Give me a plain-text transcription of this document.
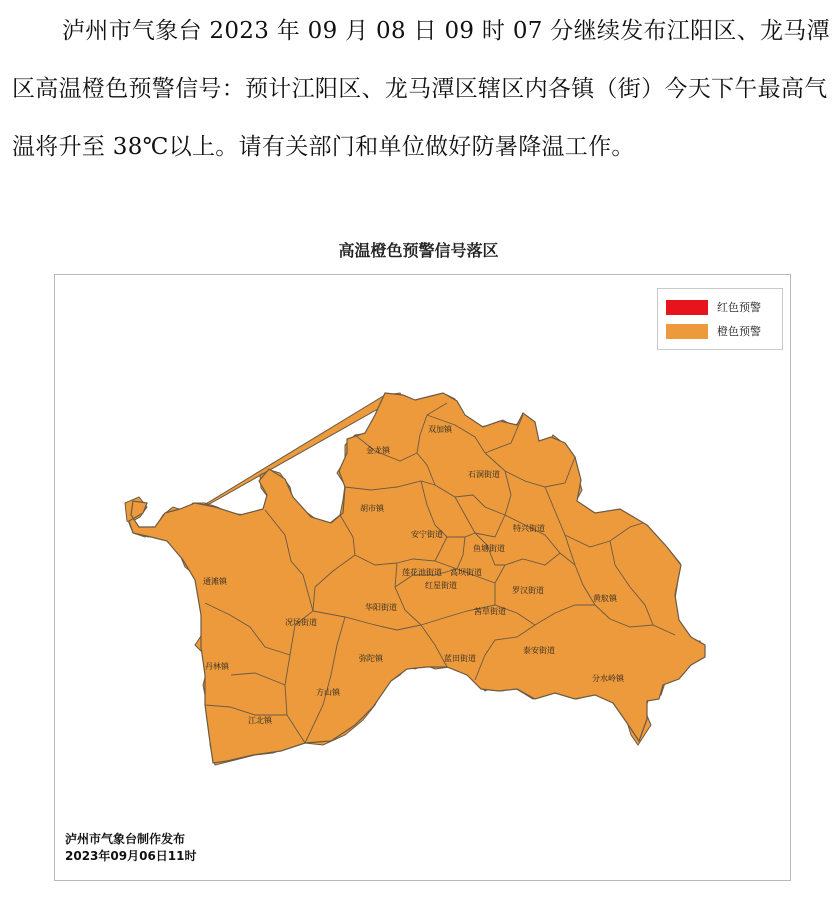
泸州市气象台 2023 年 09 月 08 日 09 时 07 分继续发布江阳区、龙马潭区高温橙色预警信号：预计江阳区、龙马潭区辖区内各镇（街）今天下午最高气温将升至 38℃以上。请有关部门和单位做好防暑降温工作。

高温橙色预警信号落区
双加镇
金龙镇
石洞街道
胡市镇
特兴街道
安宁街道
鱼塘街道
莲花池街道 高坝街道
红星街道
罗汉街道
通滩镇
华阳街道	茜草街道
况场街道
黄舣镇
丹林镇
蓝田街道
泰安街道
弥陀镇
方山镇
分水岭镇
江北镇
红色预警
橙色预警
泸州市气象台制作发布
2023年09月06日11时
